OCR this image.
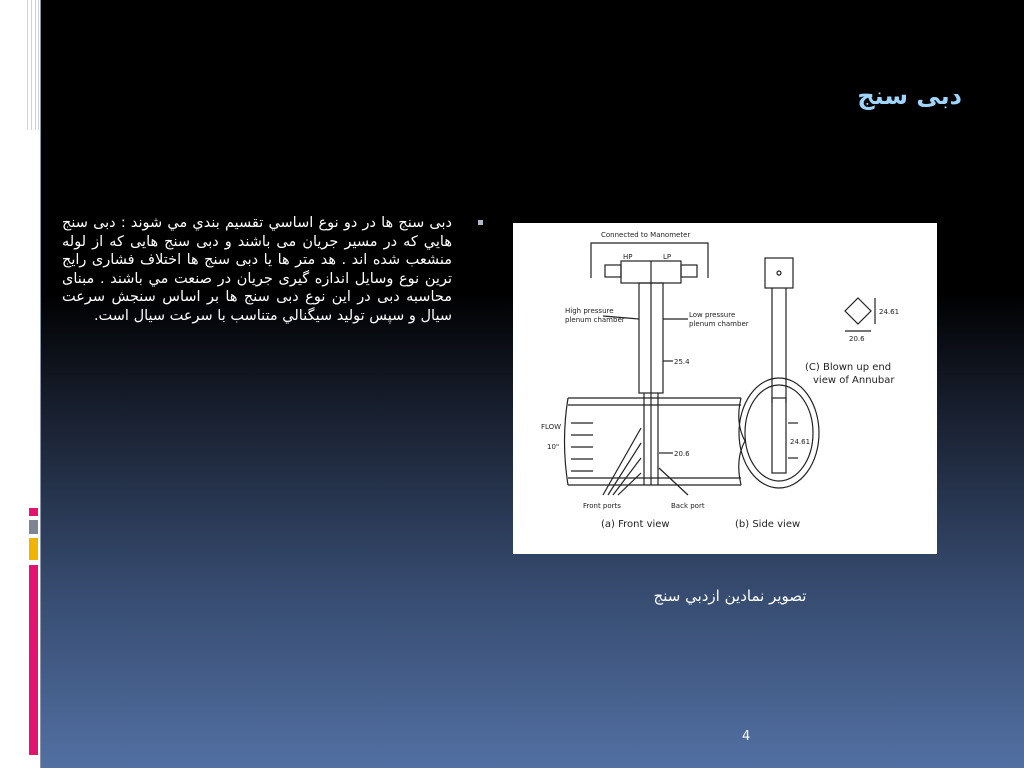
دبی سنج
دبی سنج ها در دو نوع اساسي تقسيم بندي مي شوند : دبی سنج هايي كه در مسير جريان می باشند و دبی سنج هايی كه از لوله منشعب شده اند . هد متر ها يا دبی سنج ها اختلاف فشاری رايج ترين نوع وسايل اندازه گيری جريان در صنعت مي باشند . مبنای محاسبه دبی در اين نوع دبی سنج ها بر اساس سنجش سرعت سيال و سپس توليد سيگنالي متناسب با سرعت سيال است.
Connected to Manometer
HP	LP
High pressure
plenum chamber
Low pressure
plenum chamber
25.4
20.6
FLOW
10"
Front ports	Back port
(a) Front view	(b) Side view
(C) Blown up end
view of Annubar
24.61
20.6
24.61
تصوير نمادين ازدبي سنج
4
